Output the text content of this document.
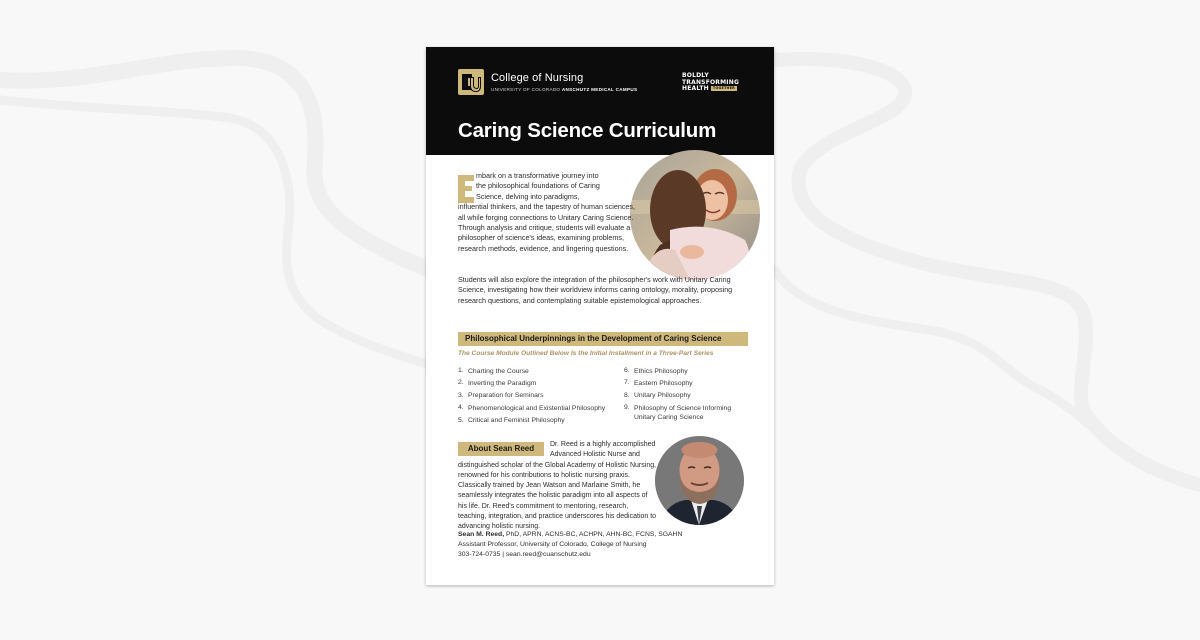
College of Nursing
UNIVERSITY OF COLORADO ANSCHUTZ MEDICAL CAMPUS
BOLDLY
TRANSFORMING
HEALTH TOGETHER
Caring Science Curriculum

mbark on a transformative journey into
the philosophical foundations of Caring
Science, delving into paradigms,
influential thinkers, and the tapestry of human sciences, all while forging connections to Unitary Caring Science. Through analysis and critique, students will evaluate a philosopher of science's ideas, examining problems, research methods, evidence, and lingering questions.

Students will also explore the integration of the philosopher's work with Unitary Caring Science, investigating how their worldview informs caring ontology, morality, proposing research questions, and contemplating suitable epistemological approaches.

Philosophical Underpinnings in the Development of Caring Science
The Course Module Outlined Below Is the Initial Installment in a Three-Part Series
1. Charting the Course
2. Inverting the Paradigm
3. Preparation for Seminars
4. Phenomenological and Existential Philosophy
5. Critical and Feminist Philosophy
6. Ethics Philosophy
7. Eastern Philosophy
8. Unitary Philosophy
9. Philosophy of Science Informing Unitary Caring Science
About Sean Reed	Dr. Reed is a highly accomplished
Advanced Holistic Nurse and
distinguished scholar of the Global Academy of Holistic Nursing, renowned for his contributions to holistic nursing praxis. Classically trained by Jean Watson and Marlaine Smith, he seamlessly integrates the holistic paradigm into all aspects of his life. Dr. Reed's commitment to mentoring, research, teaching, integration, and practice underscores his dedication to advancing holistic nursing.

Sean M. Reed, PhD, APRN, ACNS-BC, ACHPN, AHN-BC, FCNS, SGAHN
Assistant Professor, University of Colorado, College of Nursing
303-724-0735 | sean.reed@cuanschutz.edu
